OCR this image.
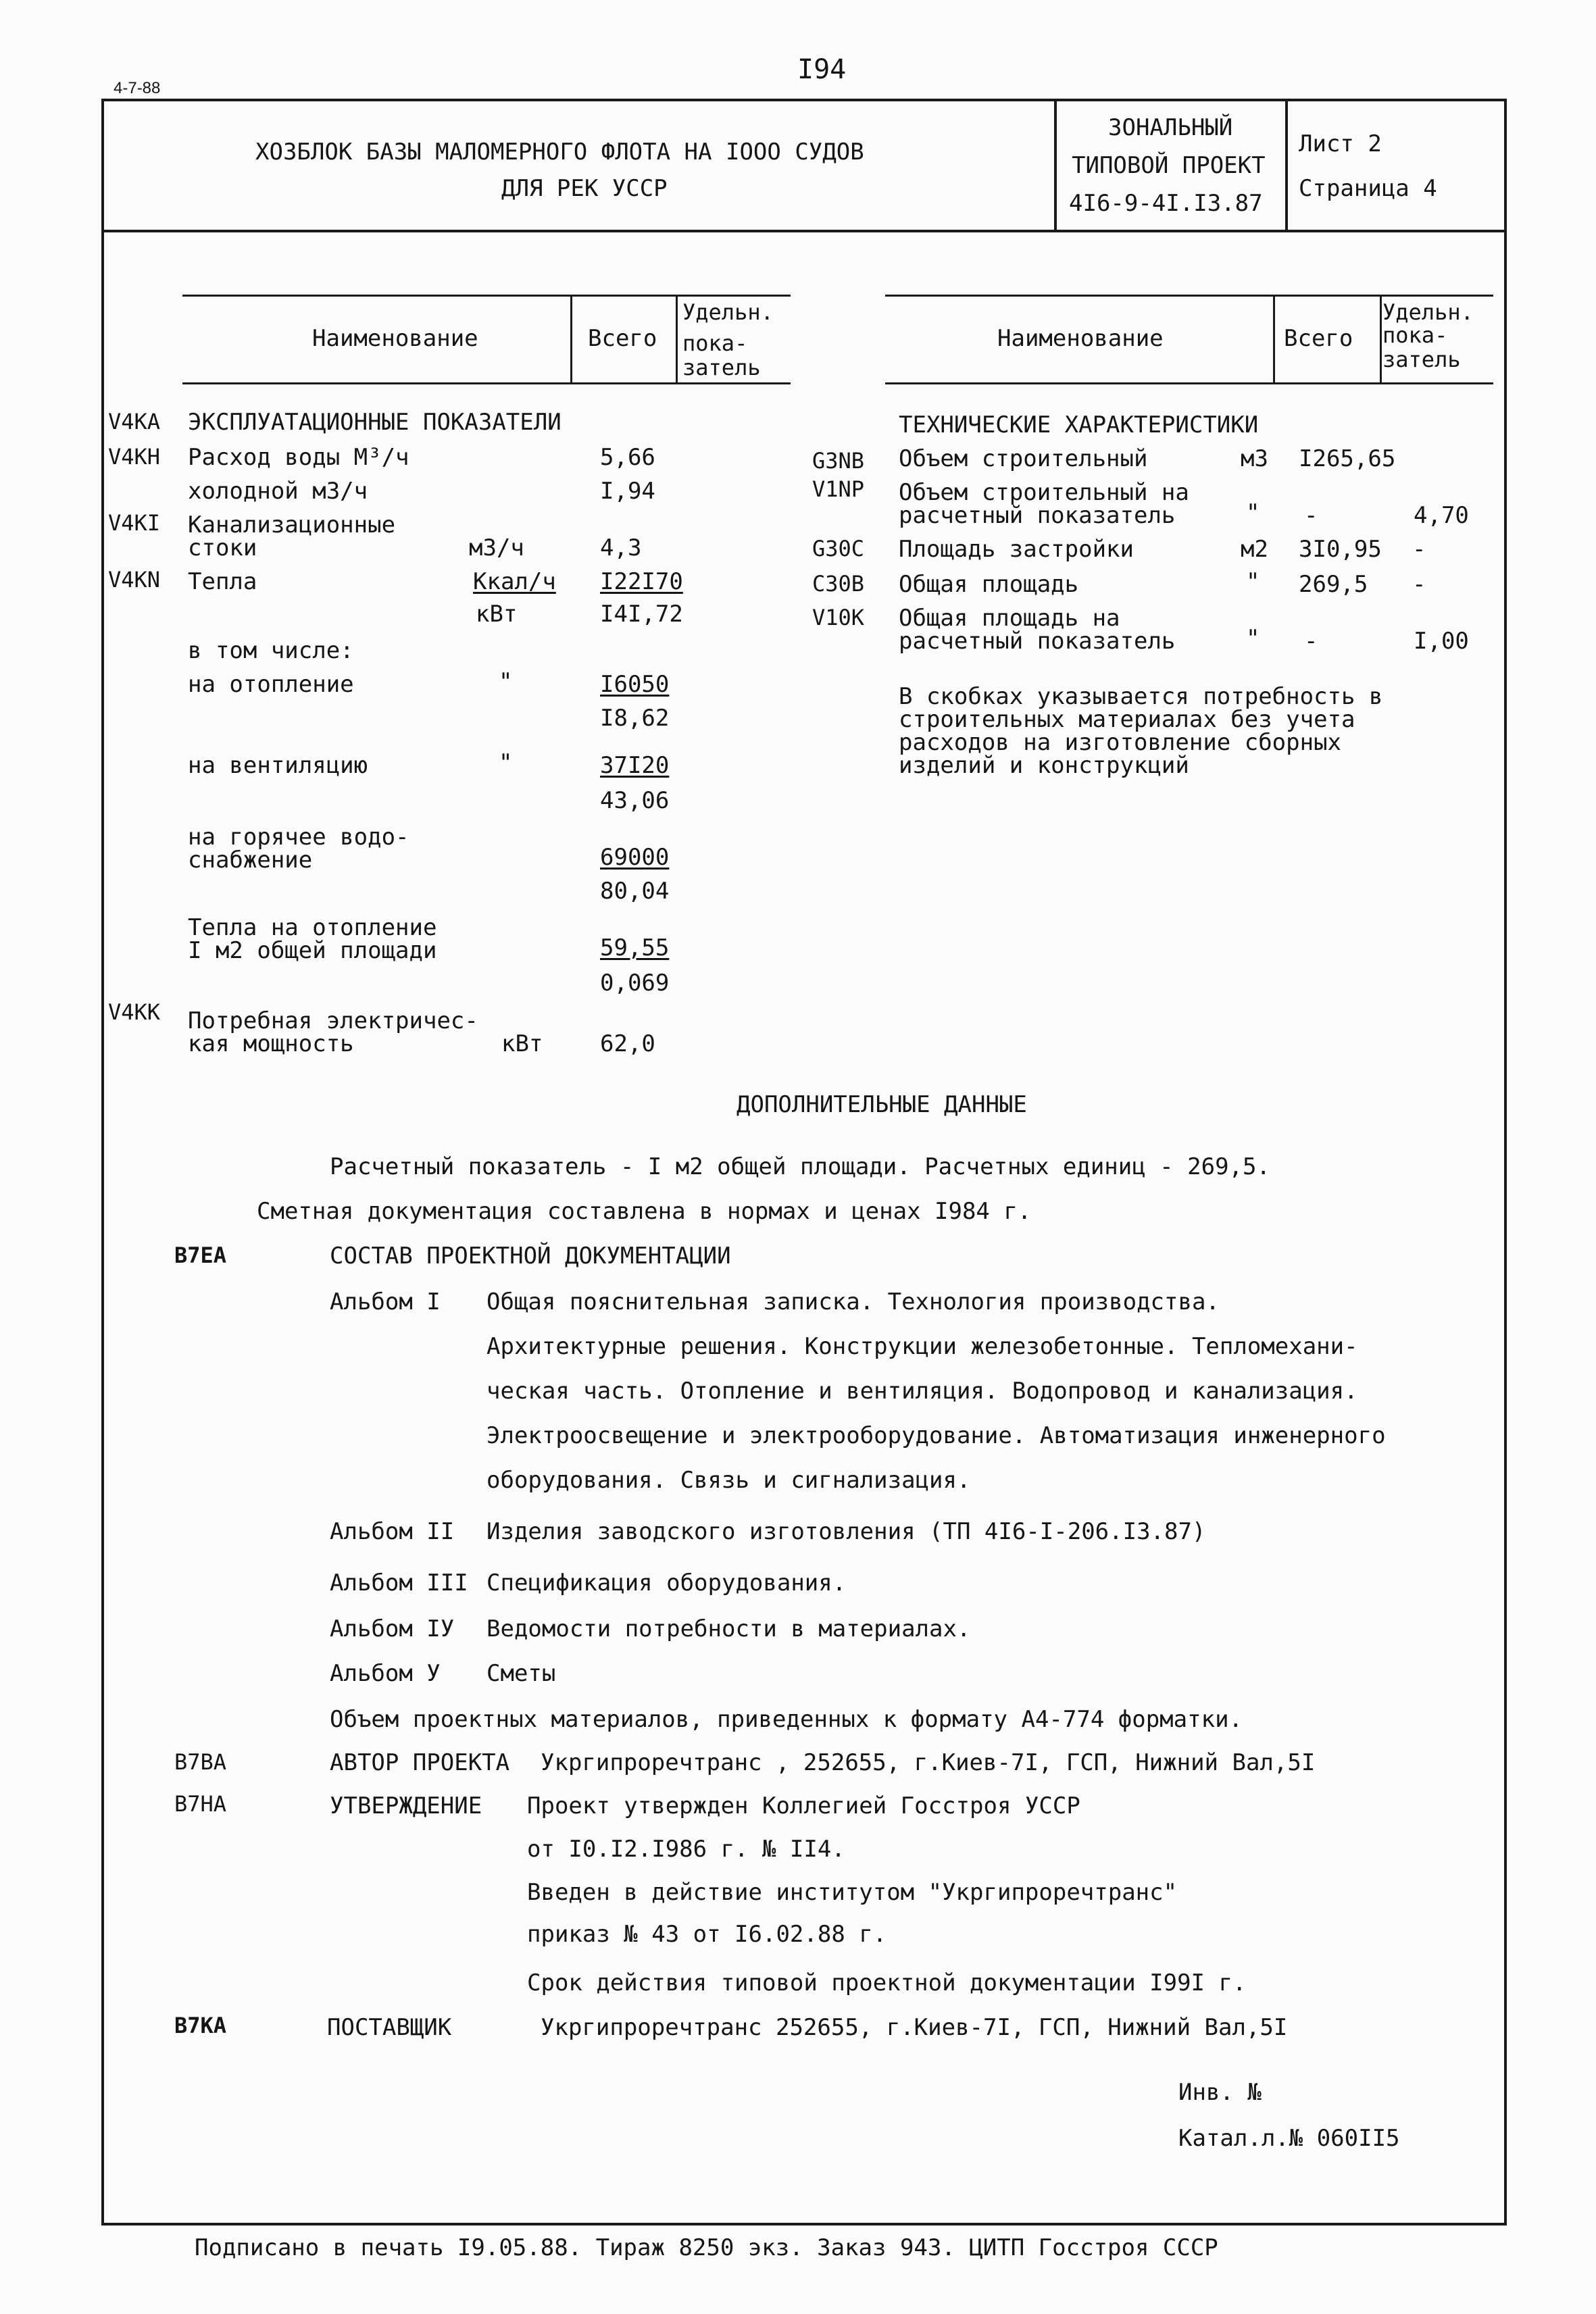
I94
4-7-88
ХОЗБЛОК БАЗЫ МАЛОМЕРНОГО ФЛОТА НА IOOO СУДОВ
ДЛЯ РЕК УССР
ЗОНАЛЬНЫЙ
ТИПОВОЙ ПРОЕКТ
4I6-9-4I.I3.87
Лист 2
Страница 4
Наименование	Всего
Удельн.
пока-
затель
V4KA ЭКСПЛУАТАЦИОННЫЕ ПОКАЗАТЕЛИ
V4KH Расход воды М³/ч	5,66
холодной м3/ч	I,94
V4KI Канализационные
стоки	м3/ч	4,3
V4KN Тепла	Ккал/ч I22I70
кВт	I4I,72
в том числе:
на отопление	"	I6050
I8,62
на вентиляцию	"	37I20
43,06
на горячее водо-
снабжение	69000
80,04
Тепла на отопление
I м2 общей площади	59,55
0,069
V4KK Потребная электричес-
кая мощность	кВт 62,0
Наименование	Всего
Удельн.
пока-
затель
ТЕХНИЧЕСКИЕ ХАРАКТЕРИСТИКИ
G3NB Объем строительный	м3 I265,65
V1NP Объем строительный на
расчетный показатель	" -	4,70
G30C Площадь застройки	м2 3I0,95 -
C30B Общая площадь	" 269,5 -
V10K Общая площадь на
расчетный показатель	" -	I,00
В скобках указывается потребность в
строительных материалах без учета
расходов на изготовление сборных
изделий и конструкций
ДОПОЛНИТЕЛЬНЫЕ ДАННЫЕ
Расчетный показатель - I м2 общей площади. Расчетных единиц - 269,5.
Сметная документация составлена в нормах и ценах I984 г.
B7EA	СОСТАВ ПРОЕКТНОЙ ДОКУМЕНТАЦИИ
Альбом I Общая пояснительная записка. Технология производства.
Архитектурные решения. Конструкции железобетонные. Тепломехани-
ческая часть. Отопление и вентиляция. Водопровод и канализация.
Электроосвещение и электрооборудование. Автоматизация инженерного
оборудования. Связь и сигнализация.
Альбом II Изделия заводского изготовления (ТП 4I6-I-206.I3.87)
Альбом III Спецификация оборудования.
Альбом IУ Ведомости потребности в материалах.
Альбом У Сметы
Объем проектных материалов, приведенных к формату А4-774 форматки.
B7BA	АВТОР ПРОЕКТА Укргипроречтранс , 252655, г.Киев-7I, ГСП, Нижний Вал,5I
B7HA	УТВЕРЖДЕНИЕ Проект утвержден Коллегией Госстроя УССР
от I0.I2.I986 г. № II4.
Введен в действие институтом "Укргипроречтранс"
приказ № 43 от I6.02.88 г.
Срок действия типовой проектной документации I99I г.
B7KA	ПОСТАВЩИК	Укргипроречтранс 252655, г.Киев-7I, ГСП, Нижний Вал,5I
Инв. №
Катал.л.№ 060II5
Подписано в печать I9.05.88. Тираж 8250 экз. Заказ 943. ЦИТП Госстроя СССР
